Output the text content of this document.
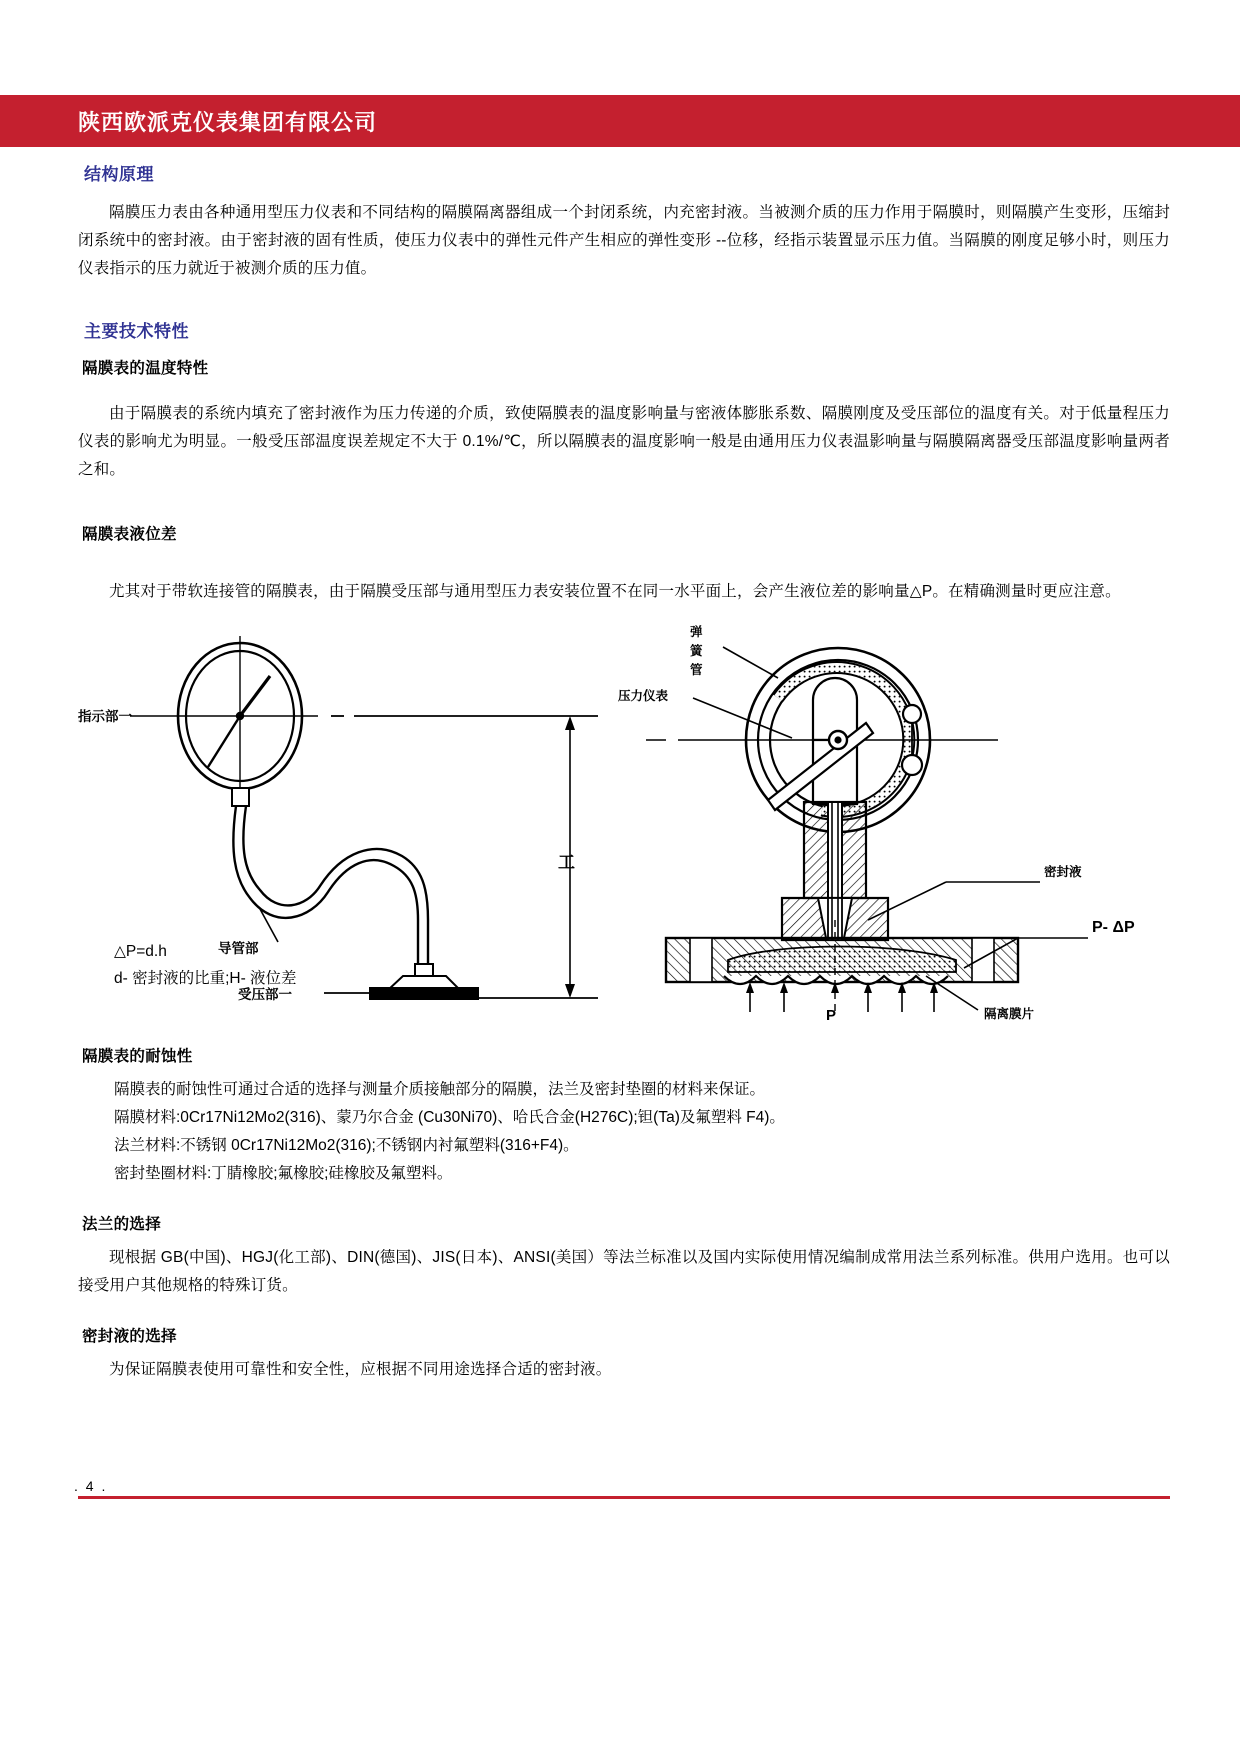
陕西欧派克仪表集团有限公司
结构原理

隔膜压力表由各种通用型压力仪表和不同结构的隔膜隔离器组成一个封闭系统，内充密封液。当被测介质的压力作用于隔膜时，则隔膜产生变形，压缩封闭系统中的密封液。由于密封液的固有性质，使压力仪表中的弹性元件产生相应的弹性变形 --位移，经指示装置显示压力值。当隔膜的刚度足够小时，则压力仪表指示的压力就近于被测介质的压力值。

主要技术特性
隔膜表的温度特性

由于隔膜表的系统内填充了密封液作为压力传递的介质，致使隔膜表的温度影响量与密液体膨胀系数、隔膜刚度及受压部位的温度有关。对于低量程压力仪表的影响尤为明显。一般受压部温度误差规定不大于 0.1%/℃，所以隔膜表的温度影响一般是由通用压力仪表温影响量与隔膜隔离器受压部温度影响量两者之和。

隔膜表液位差

尤其对于带软连接管的隔膜表，由于隔膜受压部与通用型压力表安装位置不在同一水平面上，会产生液位差的影响量△P。在精确测量时更应注意。

指示部一
导管部
受压部一
工
弹
簧
管
压力仪表
密封液
P- ΔP
隔离膜片
P
△P=d.h
d- 密封液的比重;H- 液位差
隔膜表的耐蚀性
隔膜表的耐蚀性可通过合适的选择与测量介质接触部分的隔膜，法兰及密封垫圈的材料来保证。
隔膜材料:0Cr17Ni12Mo2(316)、蒙乃尔合金 (Cu30Ni70)、哈氏合金(H276C);钽(Ta)及氟塑料 F4)。
法兰材料:不锈钢 0Cr17Ni12Mo2(316);不锈钢内衬氟塑料(316+F4)。
密封垫圈材料:丁腈橡胶;氟橡胶;硅橡胶及氟塑料。
法兰的选择

现根据 GB(中国)、HGJ(化工部)、DIN(德国)、JIS(日本)、ANSI(美国）等法兰标准以及国内实际使用情况编制成常用法兰系列标准。供用户选用。也可以接受用户其他规格的特殊订货。

密封液的选择

为保证隔膜表使用可靠性和安全性，应根据不同用途选择合适的密封液。

. 4 .
